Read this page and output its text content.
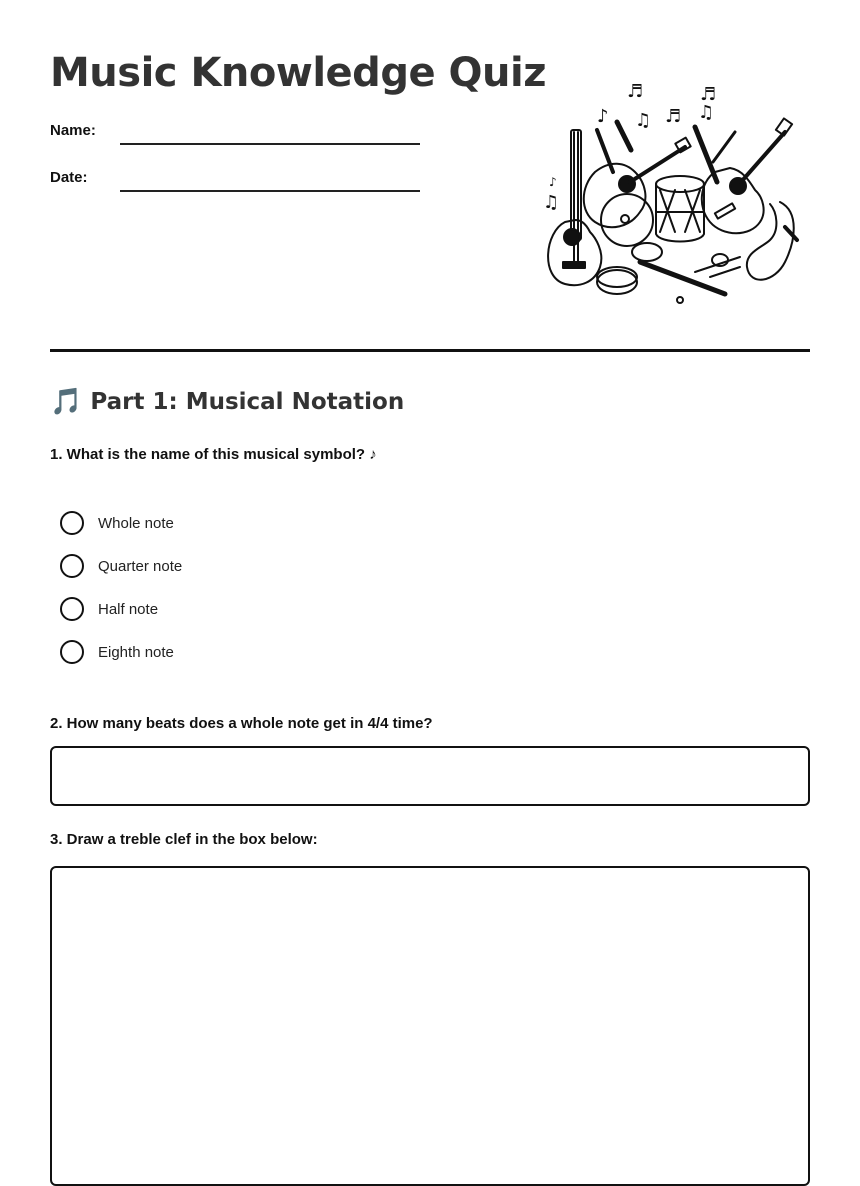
Music Knowledge Quiz
Name:
Date:
♬
♪ ♫ ♬
♬
♫
♪
♫
🎵 Part 1: Musical Notation
1. What is the name of this musical symbol? ♪
Whole note
Quarter note
Half note
Eighth note
2. How many beats does a whole note get in 4/4 time?
3. Draw a treble clef in the box below:
